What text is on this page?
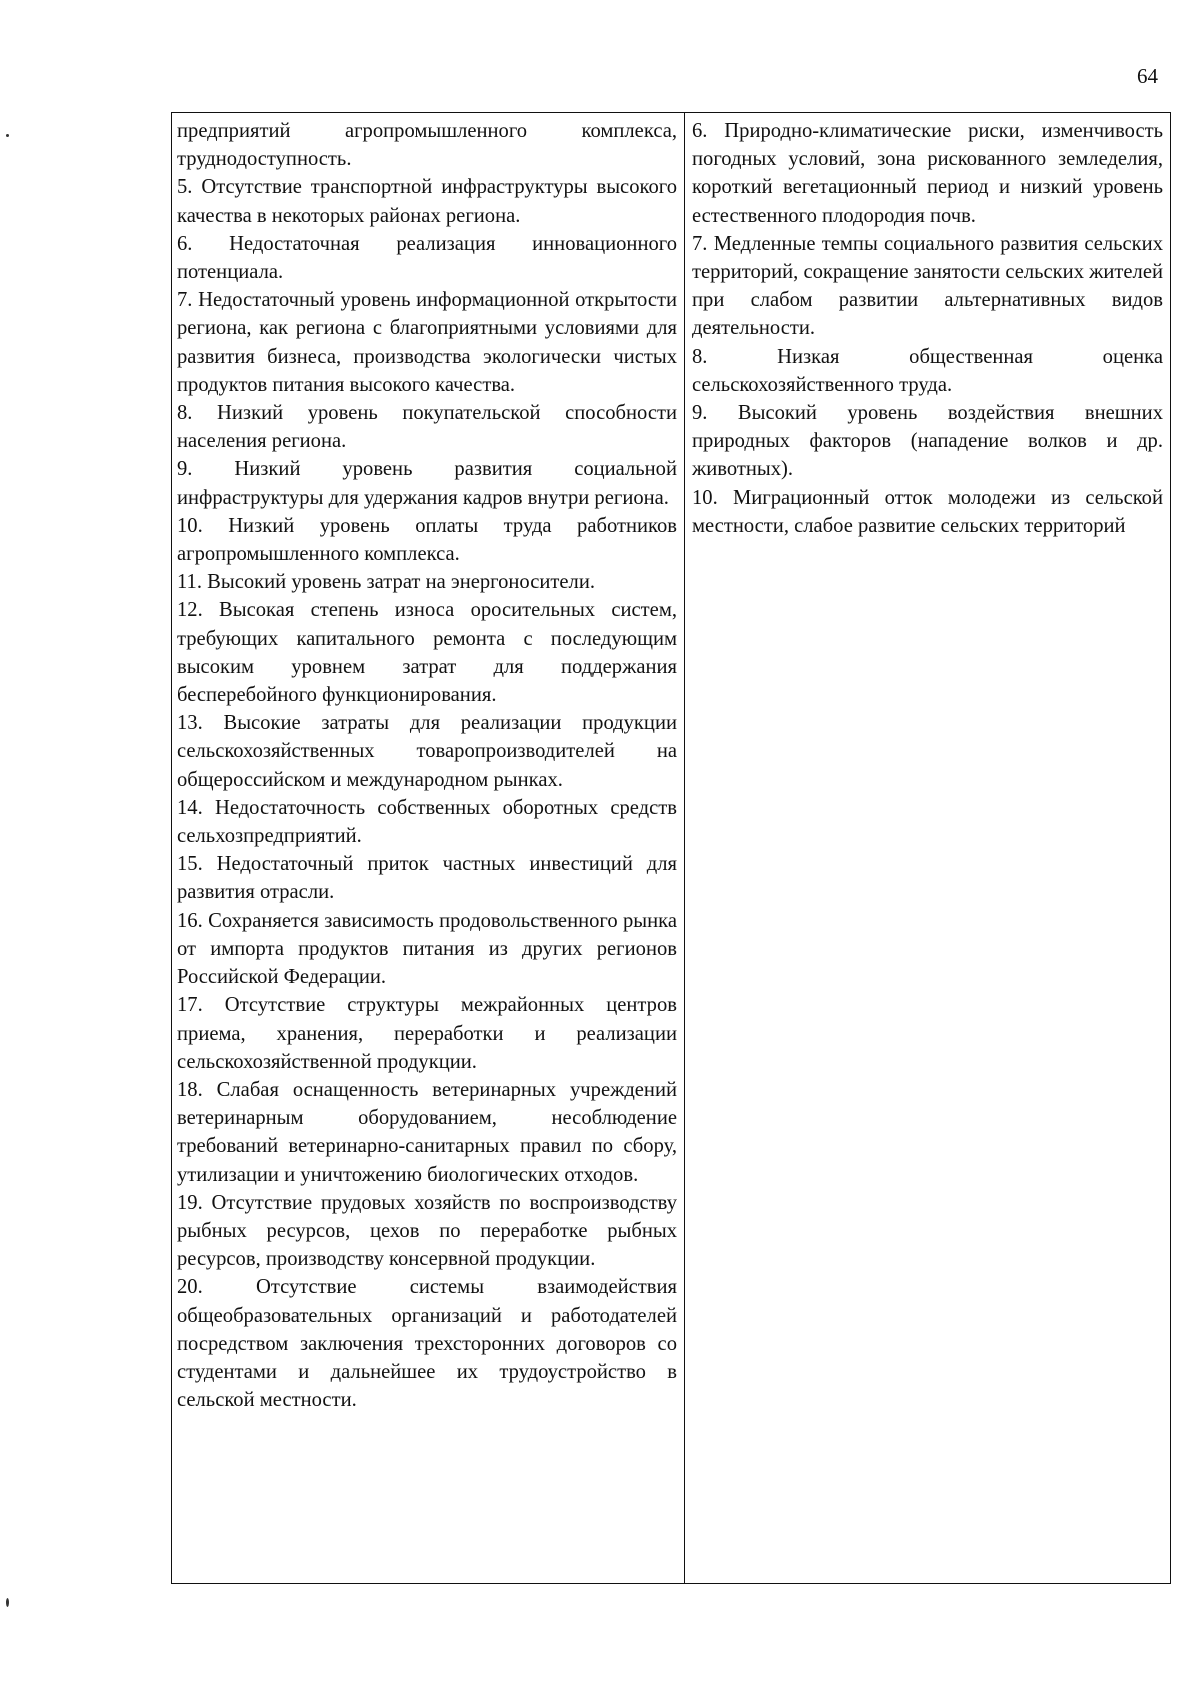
64

предприятий агропромышленного комплекса, труднодоступность.

5. Отсутствие транспортной инфраструктуры высокого качества в некоторых районах региона.

6. Недостаточная реализация инновационного потенциала.

7. Недостаточный уровень информационной открытости региона, как региона с благоприятными условиями для развития бизнеса, производства экологически чистых продуктов питания высокого качества.

8. Низкий уровень покупательской способности населения региона.

9. Низкий уровень развития социальной инфраструктуры для удержания кадров внутри региона.

10. Низкий уровень оплаты труда работников агропромышленного комплекса.

11. Высокий уровень затрат на энергоносители.

12. Высокая степень износа оросительных систем, требующих капитального ремонта с последующим высоким уровнем затрат для поддержания бесперебойного функционирования.

13. Высокие затраты для реализации продукции сельскохозяйственных товаропроизводителей на общероссийском и международном рынках.

14. Недостаточность собственных оборотных средств сельхозпредприятий.

15. Недостаточный приток частных инвестиций для развития отрасли.

16. Сохраняется зависимость продовольственного рынка от импорта продуктов питания из других регионов Российской Федерации.

17. Отсутствие структуры межрайонных центров приема, хранения, переработки и реализации сельскохозяйственной продукции.

18. Слабая оснащенность ветеринарных учреждений ветеринарным оборудованием, несоблюдение требований ветеринарно-санитарных правил по сбору, утилизации и уничтожению биологических отходов.

19. Отсутствие прудовых хозяйств по воспроизводству рыбных ресурсов, цехов по переработке рыбных ресурсов, производству консервной продукции.

20. Отсутствие системы взаимодействия общеобразовательных организаций и работодателей посредством заключения трехсторонних договоров со студентами и дальнейшее их трудоустройство в сельской местности.

6. Природно-климатические риски, изменчивость погодных условий, зона рискованного земледелия, короткий вегетационный период и низкий уровень естественного плодородия почв.

7. Медленные темпы социального развития сельских территорий, сокращение занятости сельских жителей при слабом развитии альтернативных видов деятельности.

8. Низкая общественная оценка сельскохозяйственного труда.

9. Высокий уровень воздействия внешних природных факторов (нападение волков и др. животных).

10. Миграционный отток молодежи из сельской местности, слабое развитие сельских территорий
